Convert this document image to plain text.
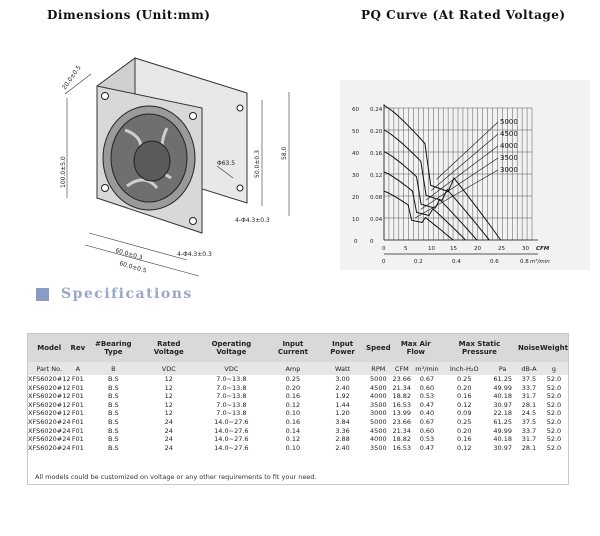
Dimensions (Unit:mm)	PQ Curve (At Rated Voltage)
20.0±0.5
100.0±5.0	Φ63.5	50.0±0.3	58.0
60.0±0.3
60.0±0.5
4-Φ4.3±0.3
4-Φ4.3±0.3
0
10
20
30
40
50
60
0
0.04
0.08
0.12
0.16
0.20
0.24
0	5	10	15	20	25	30 CFM
0	0.2	0.4	0.6	0.8 m³/min
5000
4500
4000
3500
3000
Specifications
Model	Rev	#Bearing Type	Rated Voltage	Operating Voltage	Input Current	Input Power	Speed	Max Air Flow		Max Static Pressure		Noise	Weight
Part No.	A	B	VDC	VDC	Amp	Watt	RPM	CFM	m³/min	Inch-H₂O	Pa	dB-A	g
XFS6020#12	F01	B.S	12	7.0~13.8	0.25	3.00	5000	23.66	0.67	0.25	61.25	37.5	52.0
XFS6020#12	F01	B.S	12	7.0~13.8	0.20	2.40	4500	21.34	0.60	0.20	49.99	33.7	52.0
XFS6020#12	F01	B.S	12	7.0~13.8	0.16	1.92	4000	18.82	0.53	0.16	40.18	31.7	52.0
XFS6020#12	F01	B.S	12	7.0~13.8	0.12	1.44	3500	16.53	0.47	0.12	30.97	28.1	52.0
XFS6020#12	F01	B.S	12	7.0~13.8	0.10	1.20	3000	13.99	0.40	0.09	22.18	24.5	52.0
XFS6020#24	F01	B.S	24	14.0~27.6	0.16	3.84	5000	23.66	0.67	0.25	61.25	37.5	52.0
XFS6020#24	F01	B.S	24	14.0~27.6	0.14	3.36	4500	21.34	0.60	0.20	49.99	33.7	52.0
XFS6020#24	F01	B.S	24	14.0~27.6	0.12	2.88	4000	18.82	0.53	0.16	40.18	31.7	52.0
XFS6020#24	F01	B.S	24	14.0~27.6	0.10	2.40	3500	16.53	0.47	0.12	30.97	28.1	52.0
All models could be customized on voltage or any other requirements to fit your need.
